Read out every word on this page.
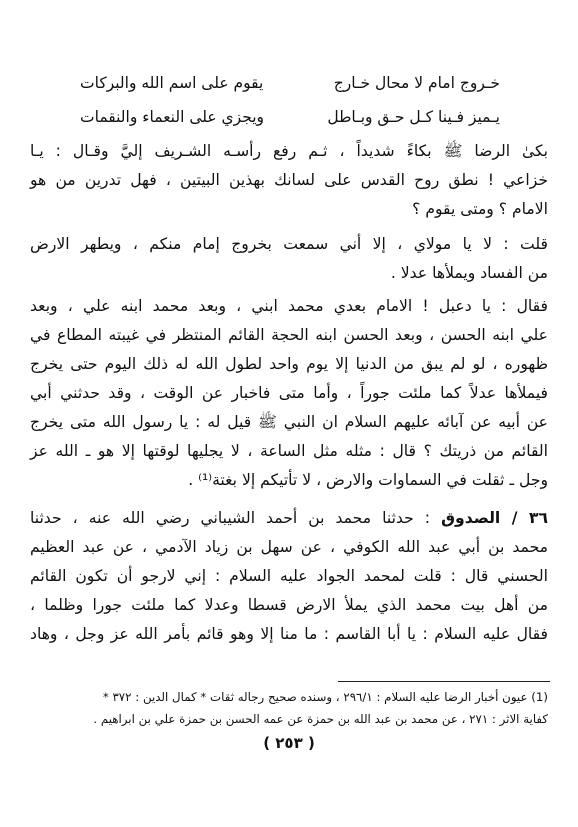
خـروج امام لا محال خـارج
يقوم على اسم الله والبركات
يـميز فـينا كـل حـق وبـاطل
ويجزي على النعماء والنقمات
بكىٰ الرضا ﷺ بكاءً شديداً ، ثـم رفع رأسـه الشـريف إليَّ وقـال : يـا
خزاعي ! نطق روح القدس على لسانك بهذين البيتين ، فهل تدرين من هو
الامام ؟ ومتى يقوم ؟
قلت : لا يا مولاي ، إلا أني سمعت بخروج إمام منكم ، ويطهر الارض
من الفساد ويملأها عدلا .
فقال : يا دعبل ! الامام بعدي محمد ابني ، وبعد محمد ابنه علي ، وبعد
علي ابنه الحسن ، وبعد الحسن ابنه الحجة القائم المنتظر في غيبته المطاع في
ظهوره ، لو لم يبق من الدنيا إلا يوم واحد لطول الله له ذلك اليوم حتى يخرج
فيملأها عدلاً كما ملئت جوراً ، وأما متى فاخبار عن الوقت ، وقد حدثني أبي
عن أبيه عن آبائه عليهم السلام ان النبي ﷺ قيل له : يا رسول الله متى يخرج
القائم من ذريتك ؟ قال : مثله مثل الساعة ، لا يجليها لوقتها إلا هو ـ الله عز
وجل ـ ثقلت في السماوات والارض ، لا تأتيكم إلا بغتة⁽¹⁾ .
٣٦ / الصدوق : حدثنا محمد بن أحمد الشيباني رضي الله عنه ، حدثنا
محمد بن أبي عبد الله الكوفي ، عن سهل بن زياد الآدمي ، عن عبد العظيم
الحسني قال : قلت لمحمد الجواد عليه السلام : إني لارجو أن تكون القائم
من أهل بيت محمد الذي يملأ الارض قسطا وعدلا كما ملئت جورا وظلما ،
فقال عليه السلام : يا أبا القاسم : ما منا إلا وهو قائم بأمر الله عز وجل ، وهاد
(1) عيون أخبار الرضا عليه السلام : ٢٩٦/١ ، وسنده صحيح رجاله ثقات * كمال الدين : ٣٧٢ *
كفاية الاثر : ٢٧١ ، عن محمد بن عبد الله بن حمزة عن عمه الحسن بن حمزة علي بن ابراهيم .
( ٢٥٣ )
